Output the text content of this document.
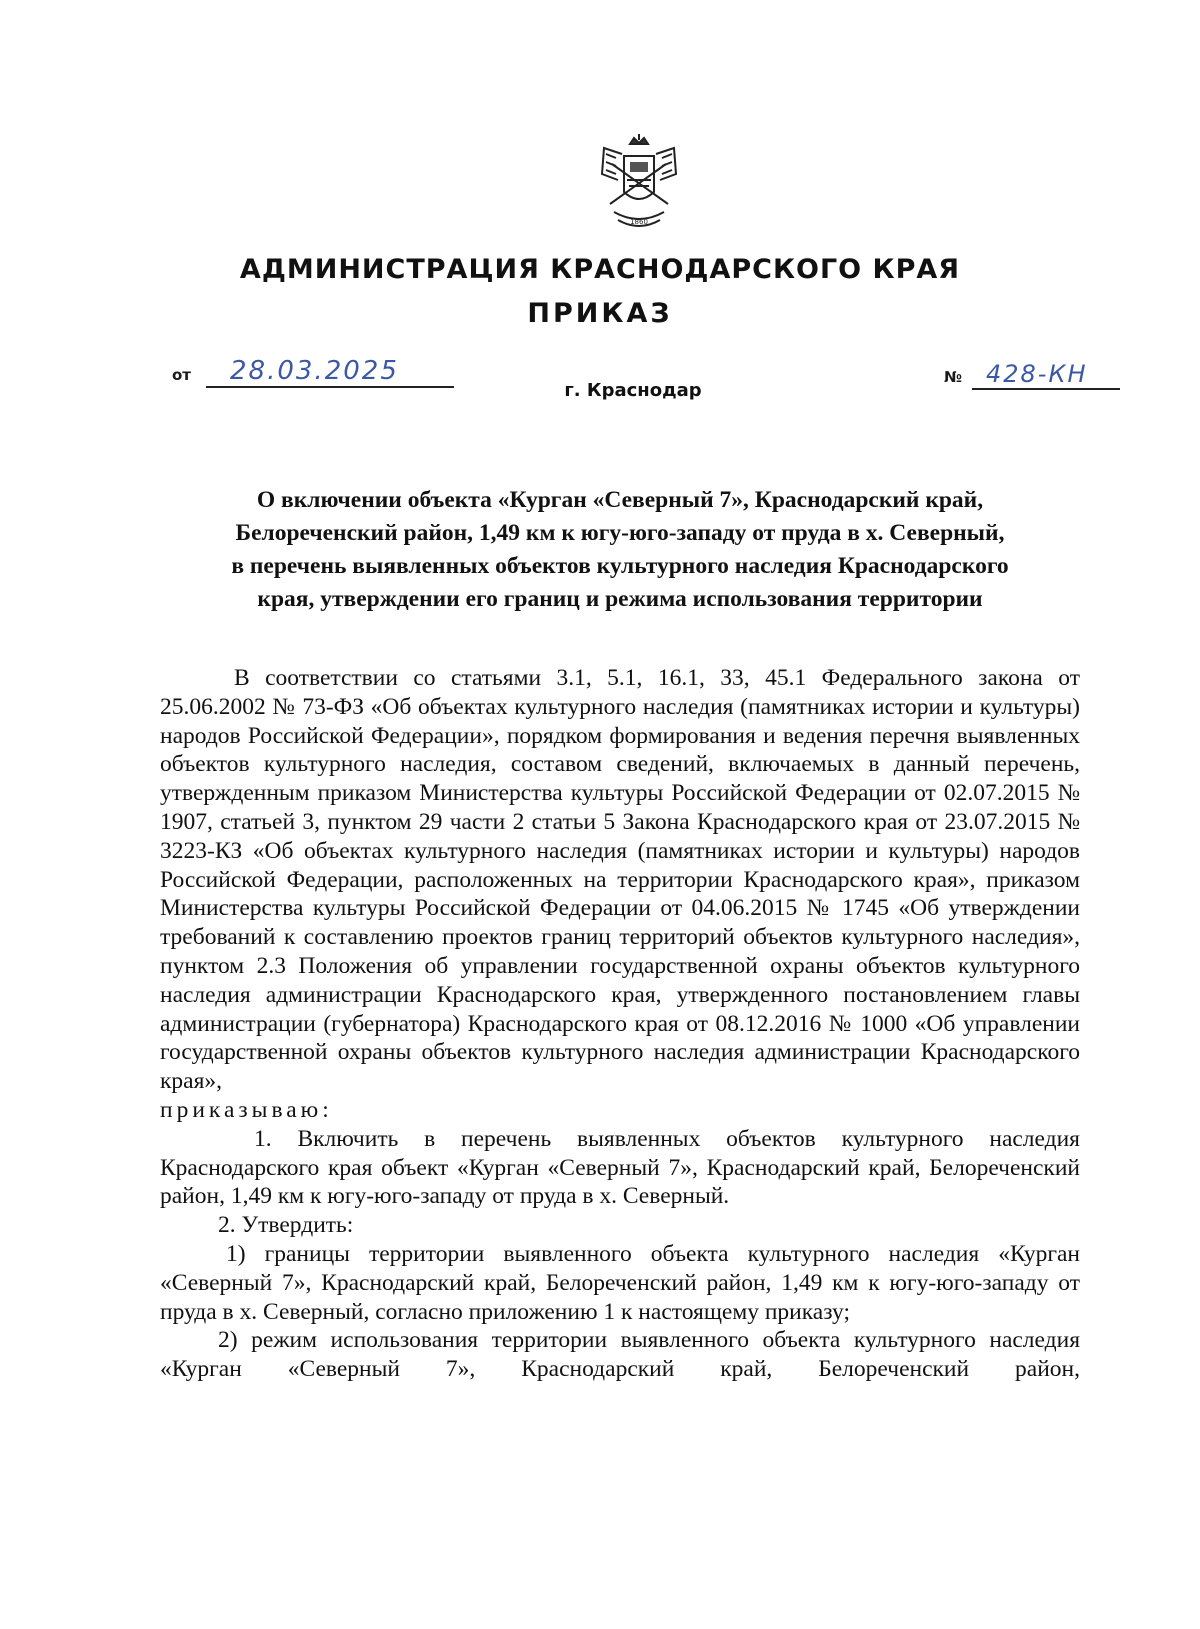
1860
АДМИНИСТРАЦИЯ КРАСНОДАРСКОГО КРАЯ
ПРИКАЗ
от 28.03.2025	№ 428-КН
г. Краснодар
О включении объекта «Курган «Северный 7», Краснодарский край,
Белореченский район, 1,49 км к югу-юго-западу от пруда в х. Северный,
в перечень выявленных объектов культурного наследия Краснодарского
края, утверждении его границ и режима использования территории

В соответствии со статьями 3.1, 5.1, 16.1, 33, 45.1 Федерального закона от 25.06.2002 № 73-ФЗ «Об объектах культурного наследия (памятниках истории и культуры) народов Российской Федерации», порядком формирования и ведения перечня выявленных объектов культурного наследия, составом сведений, включаемых в данный перечень, утвержденным приказом Министерства культуры Российской Федерации от 02.07.2015 № 1907, статьей 3, пунктом 29 части 2 статьи 5 Закона Краснодарского края от 23.07.2015 № 3223-КЗ «Об объектах культурного наследия (памятниках истории и культуры) народов Российской Федерации, расположенных на территории Краснодарского края», приказом Министерства культуры Российской Федерации от 04.06.2015 № 1745 «Об утверждении требований к составлению проектов границ территорий объектов культурного наследия», пунктом 2.3 Положения об управлении государственной охраны объектов культурного наследия администрации Краснодарского края, утвержденного постановлением главы администрации (губернатора) Краснодарского края от 08.12.2016 № 1000 «Об управлении государственной охраны объектов культурного наследия администрации Краснодарского края»,

приказываю:

1. Включить в перечень выявленных объектов культурного наследия Краснодарского края объект «Курган «Северный 7», Краснодарский край, Белореченский район, 1,49 км к югу-юго-западу от пруда в х. Северный.

2. Утвердить:

1) границы территории выявленного объекта культурного наследия «Курган «Северный 7», Краснодарский край, Белореченский район, 1,49 км к югу-юго-западу от пруда в х. Северный, согласно приложению 1 к настоящему приказу;

2) режим использования территории выявленного объекта культурного наследия «Курган «Северный 7», Краснодарский край, Белореченский район,
